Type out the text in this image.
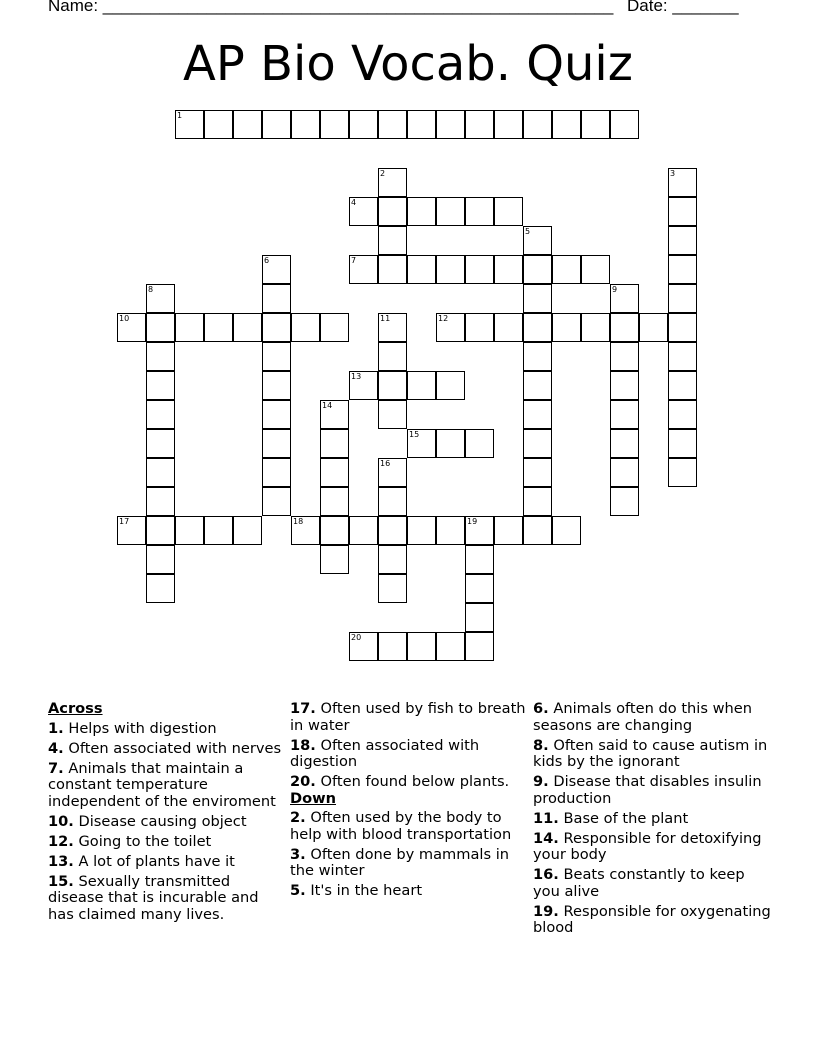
Name: ______________________________________________________ Date: _______
AP Bio Vocab. Quiz
1
2	3
4
5
6	7
8	9
10	11	12
13
14
15
16
17	18	19
20
Across
1. Helps with digestion
4. Often associated with nerves
7. Animals that maintain a constant temperature independent of the enviroment
10. Disease causing object
12. Going to the toilet
13. A lot of plants have it
15. Sexually transmitted disease that is incurable and has claimed many lives.
17. Often used by fish to breath in water
18. Often associated with digestion
20. Often found below plants.
Down
2. Often used by the body to help with blood transportation
3. Often done by mammals in the winter
5. It's in the heart
6. Animals often do this when seasons are changing
8. Often said to cause autism in kids by the ignorant
9. Disease that disables insulin production
11. Base of the plant
14. Responsible for detoxifying your body
16. Beats constantly to keep you alive
19. Responsible for oxygenating blood
